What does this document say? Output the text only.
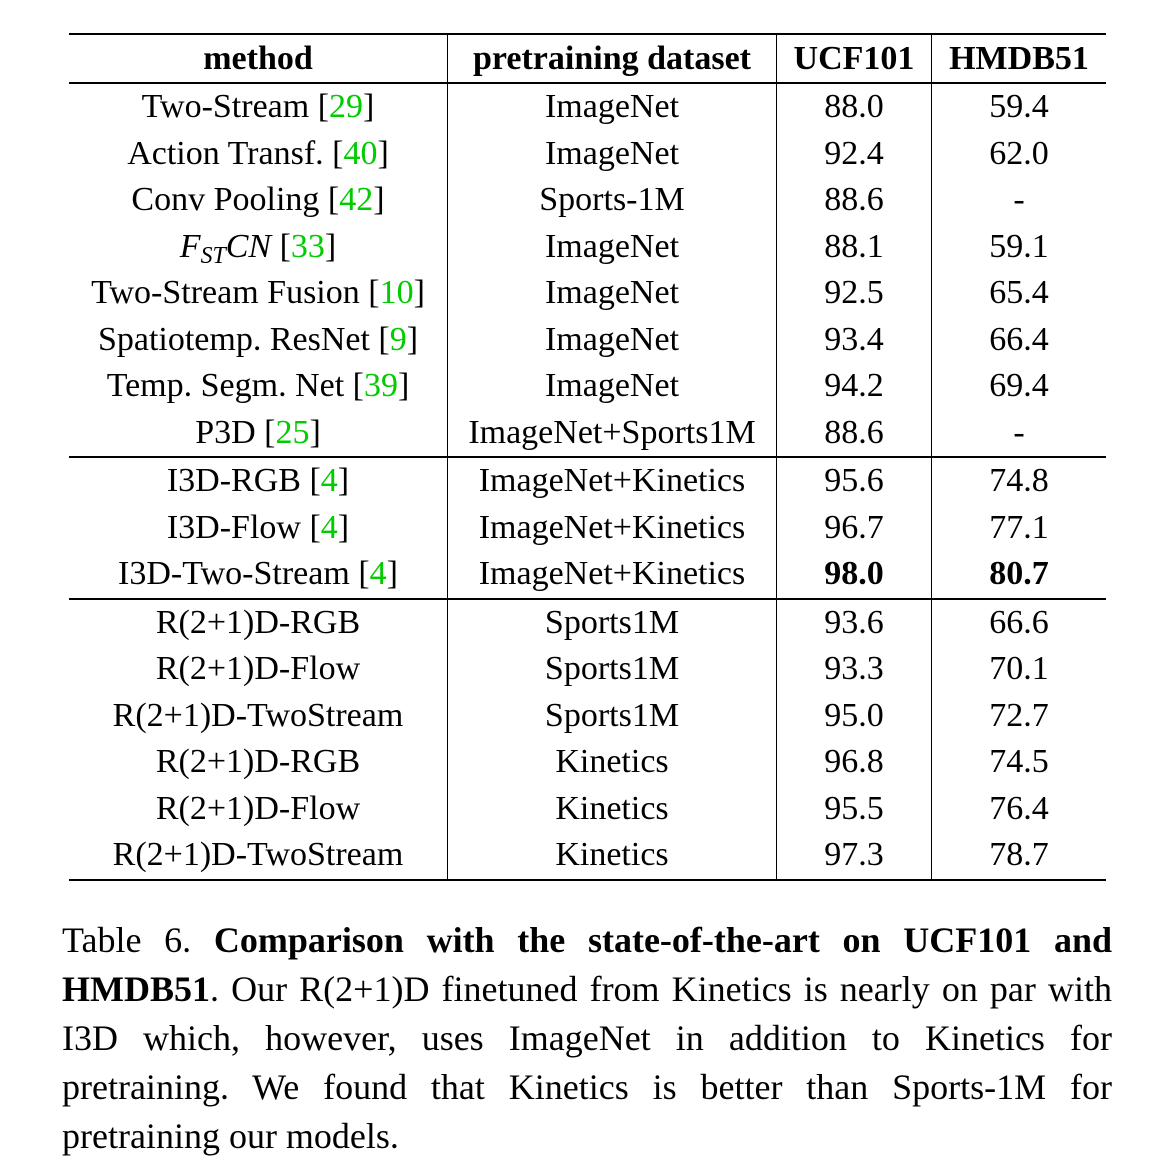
method	pretraining dataset	UCF101	HMDB51
Two-Stream [29]	ImageNet	88.0	59.4
Action Transf. [40]	ImageNet	92.4	62.0
Conv Pooling [42]	Sports-1M	88.6	-
$F_{ST}CN$ [33]	ImageNet	88.1	59.1
Two-Stream Fusion [10]	ImageNet	92.5	65.4
Spatiotemp. ResNet [9]	ImageNet	93.4	66.4
Temp. Segm. Net [39]	ImageNet	94.2	69.4
P3D [25]	ImageNet+Sports1M	88.6	-
I3D-RGB [4]	ImageNet+Kinetics	95.6	74.8
I3D-Flow [4]	ImageNet+Kinetics	96.7	77.1
I3D-Two-Stream [4]	ImageNet+Kinetics	98.0	80.7
R(2+1)D-RGB	Sports1M	93.6	66.6
R(2+1)D-Flow	Sports1M	93.3	70.1
R(2+1)D-TwoStream	Sports1M	95.0	72.7
R(2+1)D-RGB	Kinetics	96.8	74.5
R(2+1)D-Flow	Kinetics	95.5	76.4
R(2+1)D-TwoStream	Kinetics	97.3	78.7

Table 6. Comparison with the state-of-the-art on UCF101 and HMDB51. Our R(2+1)D finetuned from Kinetics is nearly on par with I3D which, however, uses ImageNet in addition to Kinetics for pretraining. We found that Kinetics is better than Sports-1M for pretraining our models.
